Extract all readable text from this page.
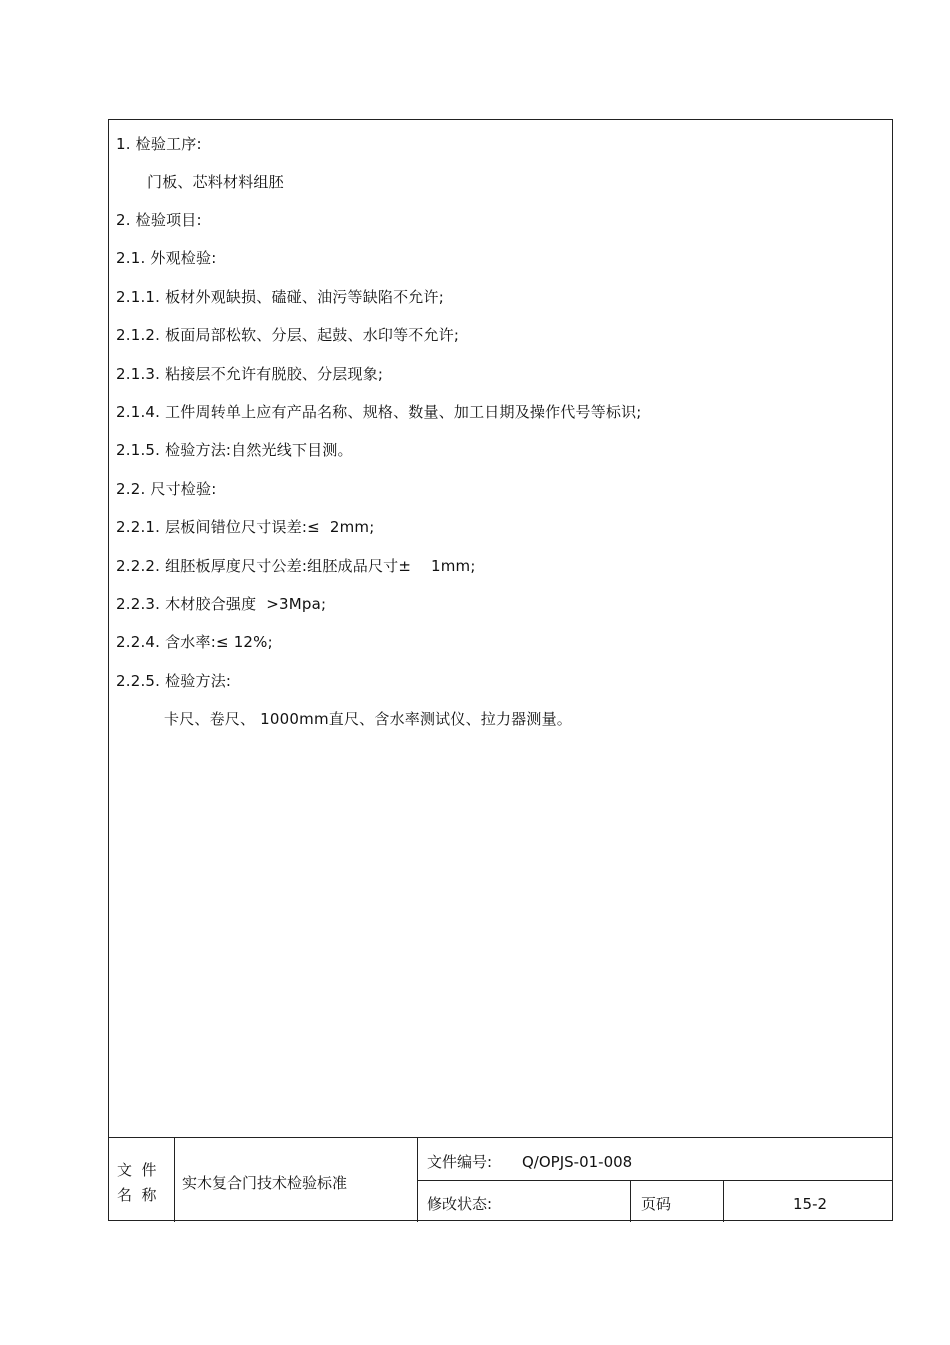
1. 检验工序:
门板、芯料材料组胚
2. 检验项目:
2.1. 外观检验:
2.1.1. 板材外观缺损、磕碰、油污等缺陷不允许;
2.1.2. 板面局部松软、分层、起鼓、水印等不允许;
2.1.3. 粘接层不允许有脱胶、分层现象;
2.1.4. 工件周转单上应有产品名称、规格、数量、加工日期及操作代号等标识;
2.1.5. 检验方法:自然光线下目测。
2.2. 尺寸检验:
2.2.1. 层板间错位尺寸误差:≤  2mm;
2.2.2. 组胚板厚度尺寸公差:组胚成品尺寸±    1mm;
2.2.3. 木材胶合强度  >3Mpa;
2.2.4. 含水率:≤ 12%;
2.2.5. 检验方法:
卡尺、卷尺、 1000mm直尺、含水率测试仪、拉力器测量。
文  件
名  称
实木复合门技术检验标准
文件编号: Q/OPJS-01-008
修改状态:	页码	15-2
